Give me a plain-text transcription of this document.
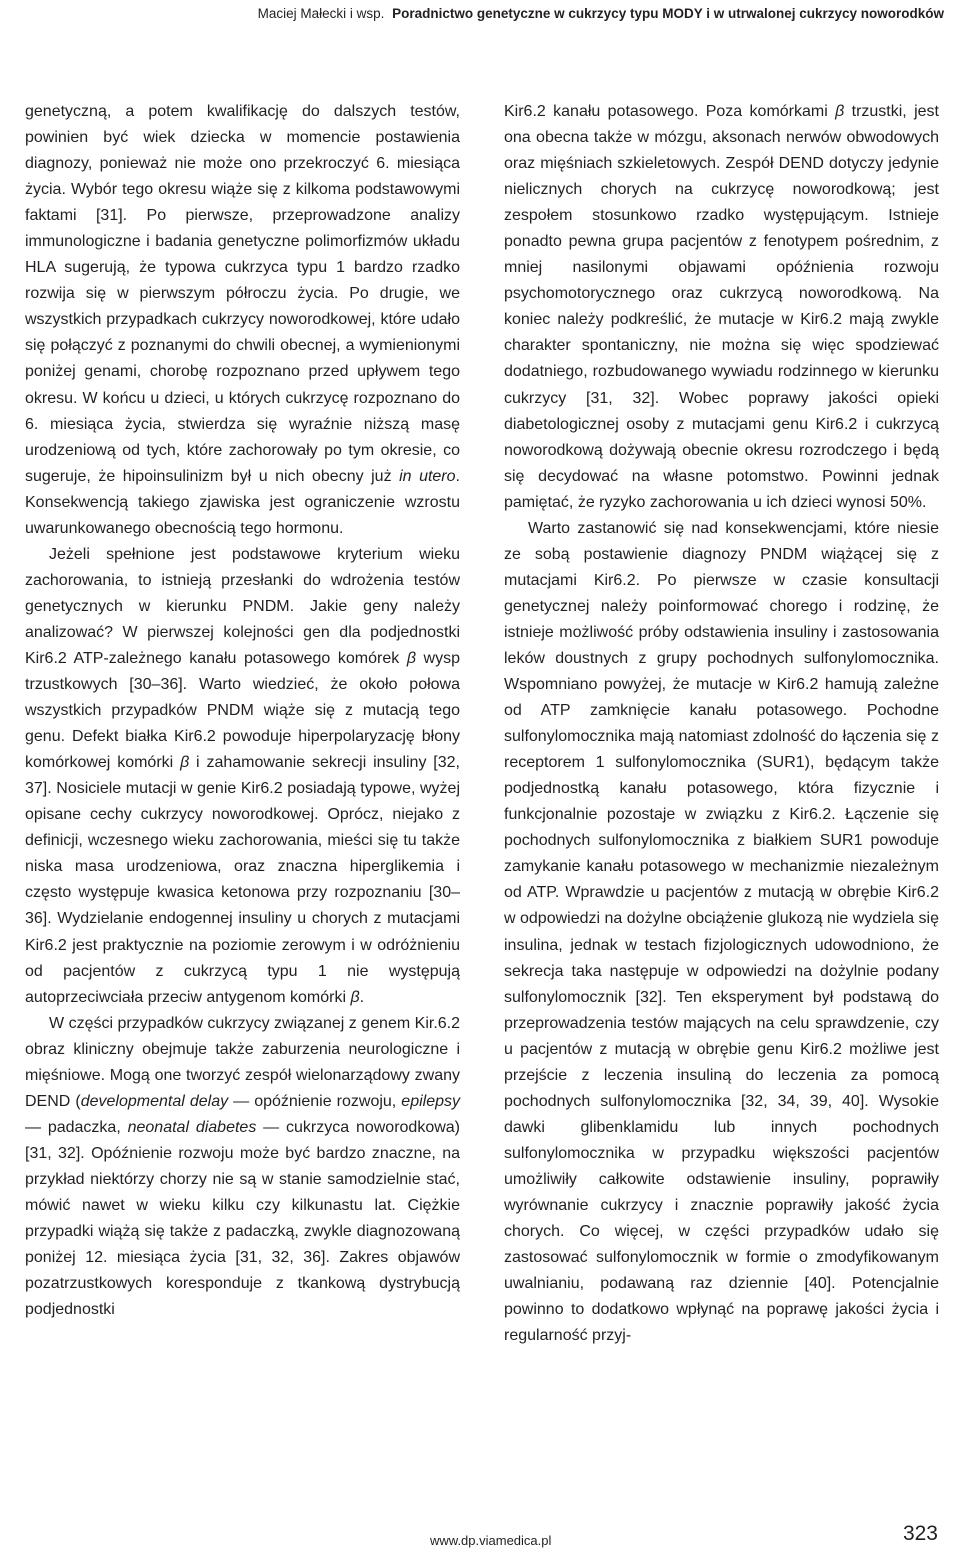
Maciej Małecki i wsp. Poradnictwo genetyczne w cukrzycy typu MODY i w utrwalonej cukrzycy noworodków

genetyczną, a potem kwalifikację do dalszych testów, powinien być wiek dziecka w momencie postawienia diagnozy, ponieważ nie może ono przekroczyć 6. miesiąca życia. Wybór tego okresu wiąże się z kilkoma podstawowymi faktami [31]. Po pierwsze, przeprowadzone analizy immunologiczne i badania genetyczne polimorfizmów układu HLA sugerują, że typowa cukrzyca typu 1 bardzo rzadko rozwija się w pierwszym półroczu życia. Po drugie, we wszystkich przypadkach cukrzycy noworodkowej, które udało się połączyć z poznanymi do chwili obecnej, a wymienionymi poniżej genami, chorobę rozpoznano przed upływem tego okresu. W końcu u dzieci, u których cukrzycę rozpoznano do 6. miesiąca życia, stwierdza się wyraźnie niższą masę urodzeniową od tych, które zachorowały po tym okresie, co sugeruje, że hipoinsulinizm był u nich obecny już in utero. Konsekwencją takiego zjawiska jest ograniczenie wzrostu uwarunkowanego obecnością tego hormonu.

Jeżeli spełnione jest podstawowe kryterium wieku zachorowania, to istnieją przesłanki do wdrożenia testów genetycznych w kierunku PNDM. Jakie geny należy analizować? W pierwszej kolejności gen dla podjednostki Kir6.2 ATP-zależnego kanału potasowego komórek β wysp trzustkowych [30–36]. Warto wiedzieć, że około połowa wszystkich przypadków PNDM wiąże się z mutacją tego genu. Defekt białka Kir6.2 powoduje hiperpolaryzację błony komórkowej komórki β i zahamowanie sekrecji insuliny [32, 37]. Nosiciele mutacji w genie Kir6.2 posiadają typowe, wyżej opisane cechy cukrzycy noworodkowej. Oprócz, niejako z definicji, wczesnego wieku zachorowania, mieści się tu także niska masa urodzeniowa, oraz znaczna hiperglikemia i często występuje kwasica ketonowa przy rozpoznaniu [30–36]. Wydzielanie endogennej insuliny u chorych z mutacjami Kir6.2 jest praktycznie na poziomie zerowym i w odróżnieniu od pacjentów z cukrzycą typu 1 nie występują autoprzeciwciała przeciw antygenom komórki β.

W części przypadków cukrzycy związanej z genem Kir.6.2 obraz kliniczny obejmuje także zaburzenia neurologiczne i mięśniowe. Mogą one tworzyć zespół wielonarządowy zwany DEND (developmental delay — opóźnienie rozwoju, epilepsy — padaczka, neonatal diabetes — cukrzyca noworodkowa) [31, 32]. Opóźnienie rozwoju może być bardzo znaczne, na przykład niektórzy chorzy nie są w stanie samodzielnie stać, mówić nawet w wieku kilku czy kilkunastu lat. Ciężkie przypadki wiążą się także z padaczką, zwykle diagnozowaną poniżej 12. miesiąca życia [31, 32, 36]. Zakres objawów pozatrzustkowych koresponduje z tkankową dystrybucją podjednostki

Kir6.2 kanału potasowego. Poza komórkami β trzustki, jest ona obecna także w mózgu, aksonach nerwów obwodowych oraz mięśniach szkieletowych. Zespół DEND dotyczy jedynie nielicznych chorych na cukrzycę noworodkową; jest zespołem stosunkowo rzadko występującym. Istnieje ponadto pewna grupa pacjentów z fenotypem pośrednim, z mniej nasilonymi objawami opóźnienia rozwoju psychomotorycznego oraz cukrzycą noworodkową. Na koniec należy podkreślić, że mutacje w Kir6.2 mają zwykle charakter spontaniczny, nie można się więc spodziewać dodatniego, rozbudowanego wywiadu rodzinnego w kierunku cukrzycy [31, 32]. Wobec poprawy jakości opieki diabetologicznej osoby z mutacjami genu Kir6.2 i cukrzycą noworodkową dożywają obecnie okresu rozrodczego i będą się decydować na własne potomstwo. Powinni jednak pamiętać, że ryzyko zachorowania u ich dzieci wynosi 50%.

Warto zastanowić się nad konsekwencjami, które niesie ze sobą postawienie diagnozy PNDM wiążącej się z mutacjami Kir6.2. Po pierwsze w czasie konsultacji genetycznej należy poinformować chorego i rodzinę, że istnieje możliwość próby odstawienia insuliny i zastosowania leków doustnych z grupy pochodnych sulfonylomocznika. Wspomniano powyżej, że mutacje w Kir6.2 hamują zależne od ATP zamknięcie kanału potasowego. Pochodne sulfonylomocznika mają natomiast zdolność do łączenia się z receptorem 1 sulfonylomocznika (SUR1), będącym także podjednostką kanału potasowego, która fizycznie i funkcjonalnie pozostaje w związku z Kir6.2. Łączenie się pochodnych sulfonylomocznika z białkiem SUR1 powoduje zamykanie kanału potasowego w mechanizmie niezależnym od ATP. Wprawdzie u pacjentów z mutacją w obrębie Kir6.2 w odpowiedzi na dożylne obciążenie glukozą nie wydziela się insulina, jednak w testach fizjologicznych udowodniono, że sekrecja taka następuje w odpowiedzi na dożylnie podany sulfonylomocznik [32]. Ten eksperyment był podstawą do przeprowadzenia testów mających na celu sprawdzenie, czy u pacjentów z mutacją w obrębie genu Kir6.2 możliwe jest przejście z leczenia insuliną do leczenia za pomocą pochodnych sulfonylomocznika [32, 34, 39, 40]. Wysokie dawki glibenklamidu lub innych pochodnych sulfonylomocznika w przypadku większości pacjentów umożliwiły całkowite odstawienie insuliny, poprawiły wyrównanie cukrzycy i znacznie poprawiły jakość życia chorych. Co więcej, w części przypadków udało się zastosować sulfonylomocznik w formie o zmodyfikowanym uwalnianiu, podawaną raz dziennie [40]. Potencjalnie powinno to dodatkowo wpłynąć na poprawę jakości życia i regularność przyj-

www.dp.viamedica.pl	323
